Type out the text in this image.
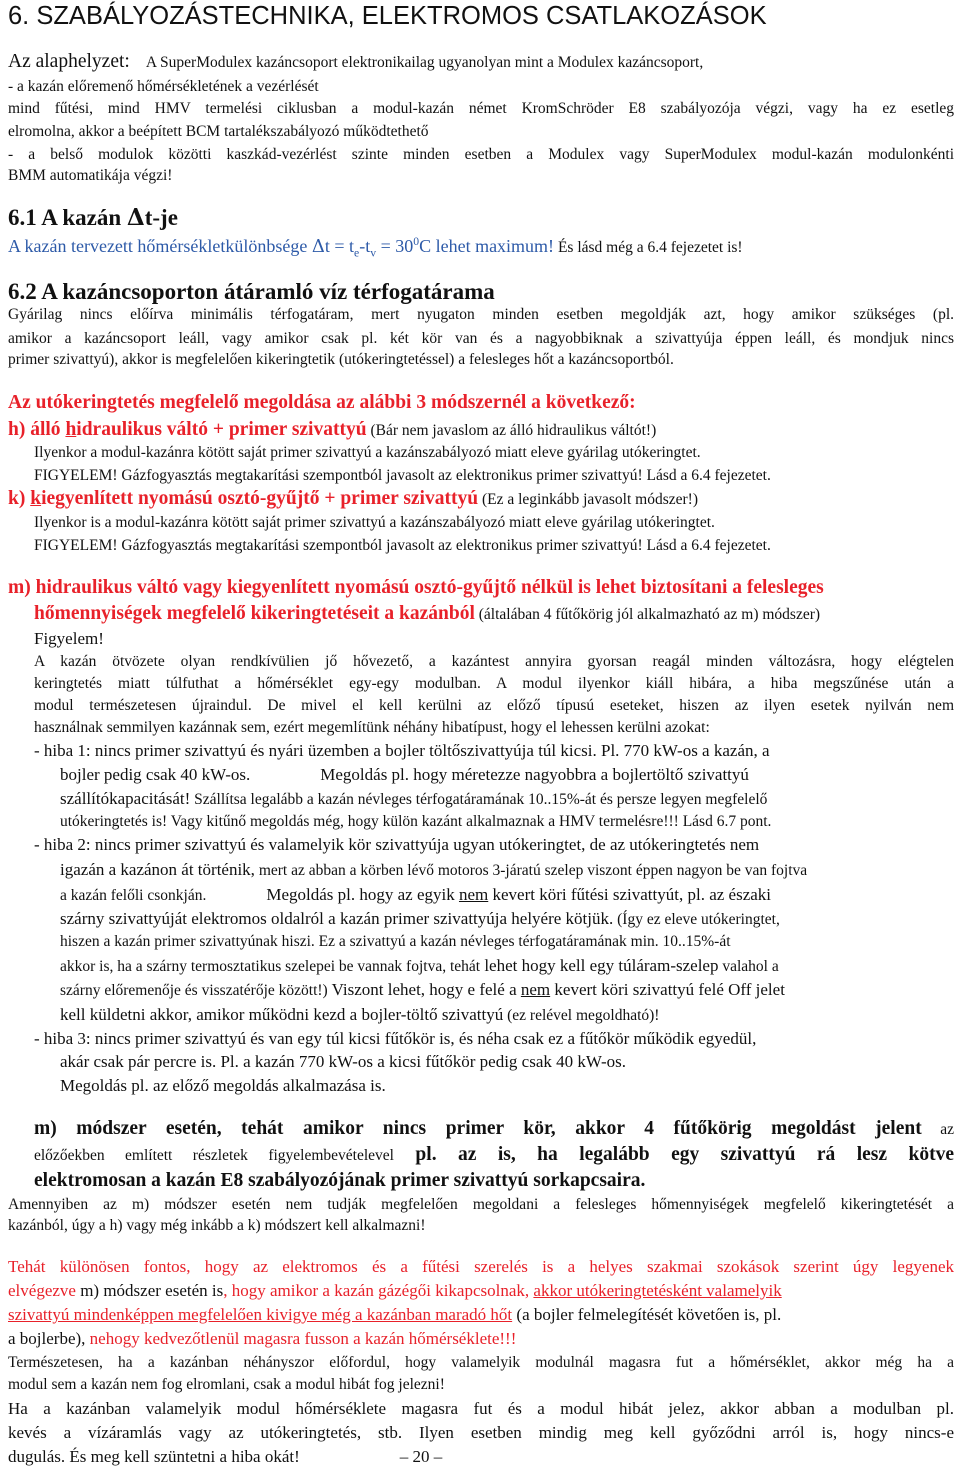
6. SZABÁLYOZÁSTECHNIKA, ELEKTROMOS CSATLAKOZÁSOK
Az alaphelyzet: A SuperModulex kazáncsoport elektronikailag ugyanolyan mint a Modulex kazáncsoport,
- a kazán előremenő hőmérsékletének a vezérlését
mind fűtési, mind HMV termelési ciklusban a modul-kazán német KromSchröder E8 szabályozója végzi, vagy ha ez esetleg
elromolna, akkor a beépített BCM tartalékszabályozó működtethető
- a belső modulok közötti kaszkád-vezérlést szinte minden esetben a Modulex vagy SuperModulex modul-kazán modulonkénti
BMM automatikája végzi!
6.1 A kazán Δt-je
A kazán tervezett hőmérsékletkülönbsége $\Delta t = t_e-t_v = 30^0C$ lehet maximum! És lásd még a 6.4 fejezetet is!
6.2 A kazáncsoporton átáramló víz térfogatárama
Gyárilag nincs előírva minimális térfogatáram, mert nyugaton minden esetben megoldják azt, hogy amikor szükséges (pl.
amikor a kazáncsoport leáll, vagy amikor csak pl. két kör van és a nagyobbiknak a szivattyúja éppen leáll, és mondjuk nincs
primer szivattyú), akkor is megfelelően kikeringtetik (utókeringtetéssel) a felesleges hőt a kazáncsoportból.
Az utókeringtetés megfelelő megoldása az alábbi 3 módszernél a következő:
h) álló hidraulikus váltó + primer szivattyú (Bár nem javaslom az álló hidraulikus váltót!)
Ilyenkor a modul-kazánra kötött saját primer szivattyú a kazánszabályozó miatt eleve gyárilag utókeringtet.
FIGYELEM! Gázfogyasztás megtakarítási szempontból javasolt az elektronikus primer szivattyú! Lásd a 6.4 fejezetet.
k) kiegyenlített nyomású osztó-gyűjtő + primer szivattyú (Ez a leginkább javasolt módszer!)
Ilyenkor is a modul-kazánra kötött saját primer szivattyú a kazánszabályozó miatt eleve gyárilag utókeringtet.
FIGYELEM! Gázfogyasztás megtakarítási szempontból javasolt az elektronikus primer szivattyú! Lásd a 6.4 fejezetet.
m) hidraulikus váltó vagy kiegyenlített nyomású osztó-gyűjtő nélkül is lehet biztosítani a felesleges
hőmennyiségek megfelelő kikeringtetéseit a kazánból (általában 4 fűtőkörig jól alkalmazható az m) módszer)
Figyelem!
A kazán ötvözete olyan rendkívülien jő hővezető, a kazántest annyira gyorsan reagál minden változásra, hogy elégtelen
keringtetés miatt túlfuthat a hőmérséklet egy-egy modulban. A modul ilyenkor kiáll hibára, a hiba megszűnése után a
modul természetesen újraindul. De mivel el kell kerülni az előző típusú eseteket, hiszen az ilyen esetek nyilván nem
használnak semmilyen kazánnak sem, ezért megemlítünk néhány hibatípust, hogy el lehessen kerülni azokat:
- hiba 1: nincs primer szivattyú és nyári üzemben a bojler töltőszivattyúja túl kicsi. Pl. 770 kW-os a kazán, a
bojler pedig csak 40 kW-os.	Megoldás pl. hogy méretezze nagyobbra a bojlertöltő szivattyú
szállítókapacitását! Szállítsa legalább a kazán névleges térfogatáramának 10..15%-át és persze legyen megfelelő
utókeringtetés is! Vagy kitűnő megoldás még, hogy külön kazánt alkalmaznak a HMV termelésre!!! Lásd 6.7 pont.
- hiba 2: nincs primer szivattyú és valamelyik kör szivattyúja ugyan utókeringtet, de az utókeringtetés nem
igazán a kazánon át történik, mert az abban a körben lévő motoros 3-járatú szelep viszont éppen nagyon be van fojtva
a kazán felőli csonkján.	Megoldás pl. hogy az egyik nem kevert köri fűtési szivattyút, pl. az északi
szárny szivattyúját elektromos oldalról a kazán primer szivattyúja helyére kötjük. (Így ez eleve utókeringtet,
hiszen a kazán primer szivattyúnak hiszi. Ez a szivattyú a kazán névleges térfogatáramának min. 10..15%-át
akkor is, ha a szárny termosztatikus szelepei be vannak fojtva, tehát lehet hogy kell egy túláram-szelep valahol a
szárny előremenője és visszatérője között!) Viszont lehet, hogy e felé a nem kevert köri szivattyú felé Off jelet
kell küldetni akkor, amikor működni kezd a bojler-töltő szivattyú (ez relével megoldható)!
- hiba 3: nincs primer szivattyú és van egy túl kicsi fűtőkör is, és néha csak ez a fűtőkör működik egyedül,
akár csak pár percre is. Pl. a kazán 770 kW-os a kicsi fűtőkör pedig csak 40 kW-os.
Megoldás pl. az előző megoldás alkalmazása is.
m) módszer esetén, tehát amikor nincs primer kör, akkor 4 fűtőkörig megoldást jelent az
előzőekben említett részletek figyelembevételevel pl. az is, ha legalább egy szivattyú rá lesz kötve
elektromosan a kazán E8 szabályozójának primer szivattyú sorkapcsaira.
Amennyiben az m) módszer esetén nem tudják megfelelően megoldani a felesleges hőmennyiségek megfelelő kikeringtetését a
kazánból, úgy a h) vagy még inkább a k) módszert kell alkalmazni!
Tehát különösen fontos, hogy az elektromos és a fűtési szerelés is a helyes szakmai szokások szerint úgy legyenek
elvégezve m) módszer esetén is, hogy amikor a kazán gázégői kikapcsolnak, akkor utókeringtetésként valamelyik
szivattyú mindenképpen megfelelően kivigye még a kazánban maradó hőt (a bojler felmelegítését követően is, pl.
a bojlerbe), nehogy kedvezőtlenül magasra fusson a kazán hőmérséklete!!!
Természetesen, ha a kazánban néhányszor előfordul, hogy valamelyik modulnál magasra fut a hőmérséklet, akkor még ha a
modul sem a kazán nem fog elromlani, csak a modul hibát fog jelezni!
Ha a kazánban valamelyik modul hőmérséklete magasra fut és a modul hibát jelez, akkor abban a modulban pl.
kevés a vízáramlás vagy az utókeringtetés, stb. Ilyen esetben mindig meg kell győződni arról is, hogy nincs-e
dugulás. És meg kell szüntetni a hiba okát!	– 20 –
